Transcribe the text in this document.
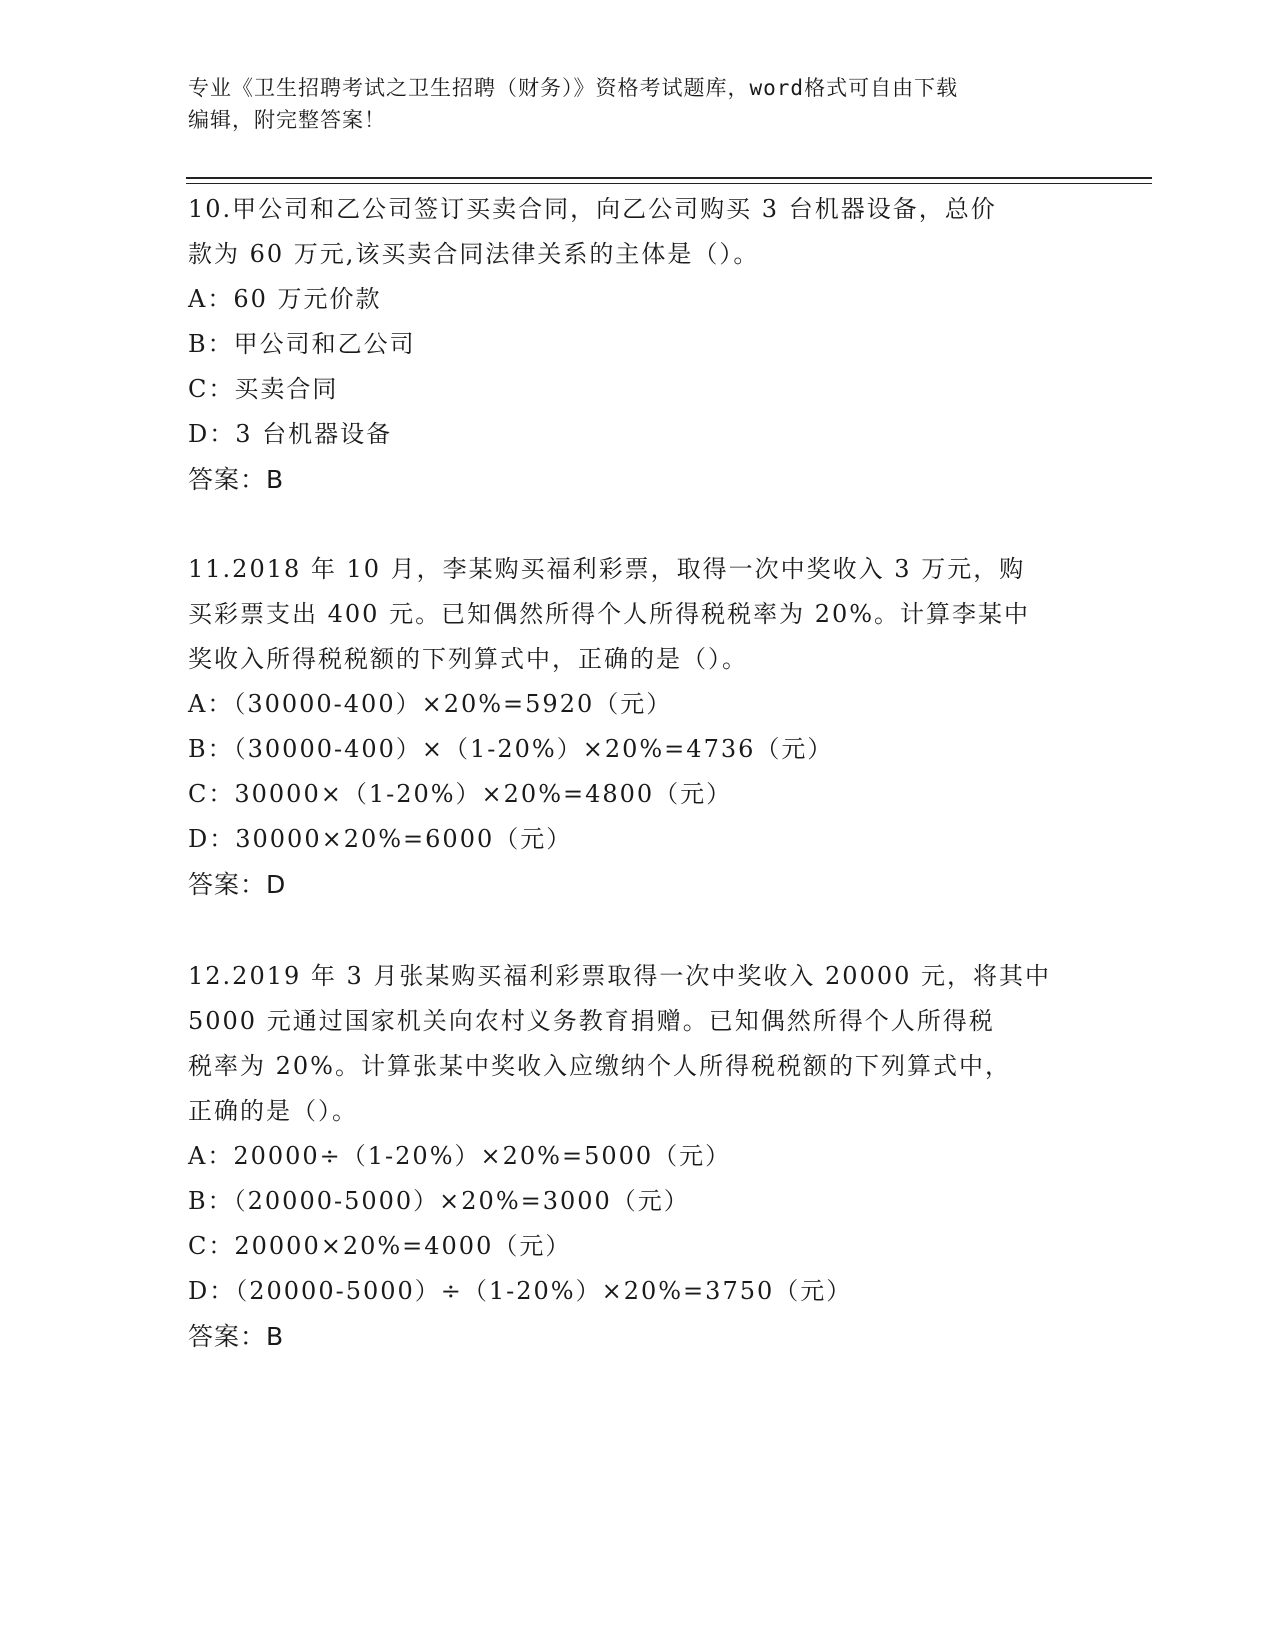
专业《卫生招聘考试之卫生招聘（财务）》资格考试题库，word格式可自由下载

编辑，附完整答案！

10.甲公司和乙公司签订买卖合同，向乙公司购买 3 台机器设备，总价
款为 60 万元,该买卖合同法律关系的主体是（）。
A：60 万元价款
B：甲公司和乙公司
C：买卖合同
D：3 台机器设备
答案：B
11.2018 年 10 月，李某购买福利彩票，取得一次中奖收入 3 万元，购
买彩票支出 400 元。已知偶然所得个人所得税税率为 20%。计算李某中
奖收入所得税税额的下列算式中，正确的是（）。
A：（30000-400）×20%=5920（元）
B：（30000-400）×（1-20%）×20%=4736（元）
C：30000×（1-20%）×20%=4800（元）
D：30000×20%=6000（元）
答案：D
12.2019 年 3 月张某购买福利彩票取得一次中奖收入 20000 元，将其中
5000 元通过国家机关向农村义务教育捐赠。已知偶然所得个人所得税
税率为 20%。计算张某中奖收入应缴纳个人所得税税额的下列算式中，
正确的是（）。
A：20000÷（1-20%）×20%=5000（元）
B：（20000-5000）×20%=3000（元）
C：20000×20%=4000（元）
D：（20000-5000）÷（1-20%）×20%=3750（元）
答案：B
